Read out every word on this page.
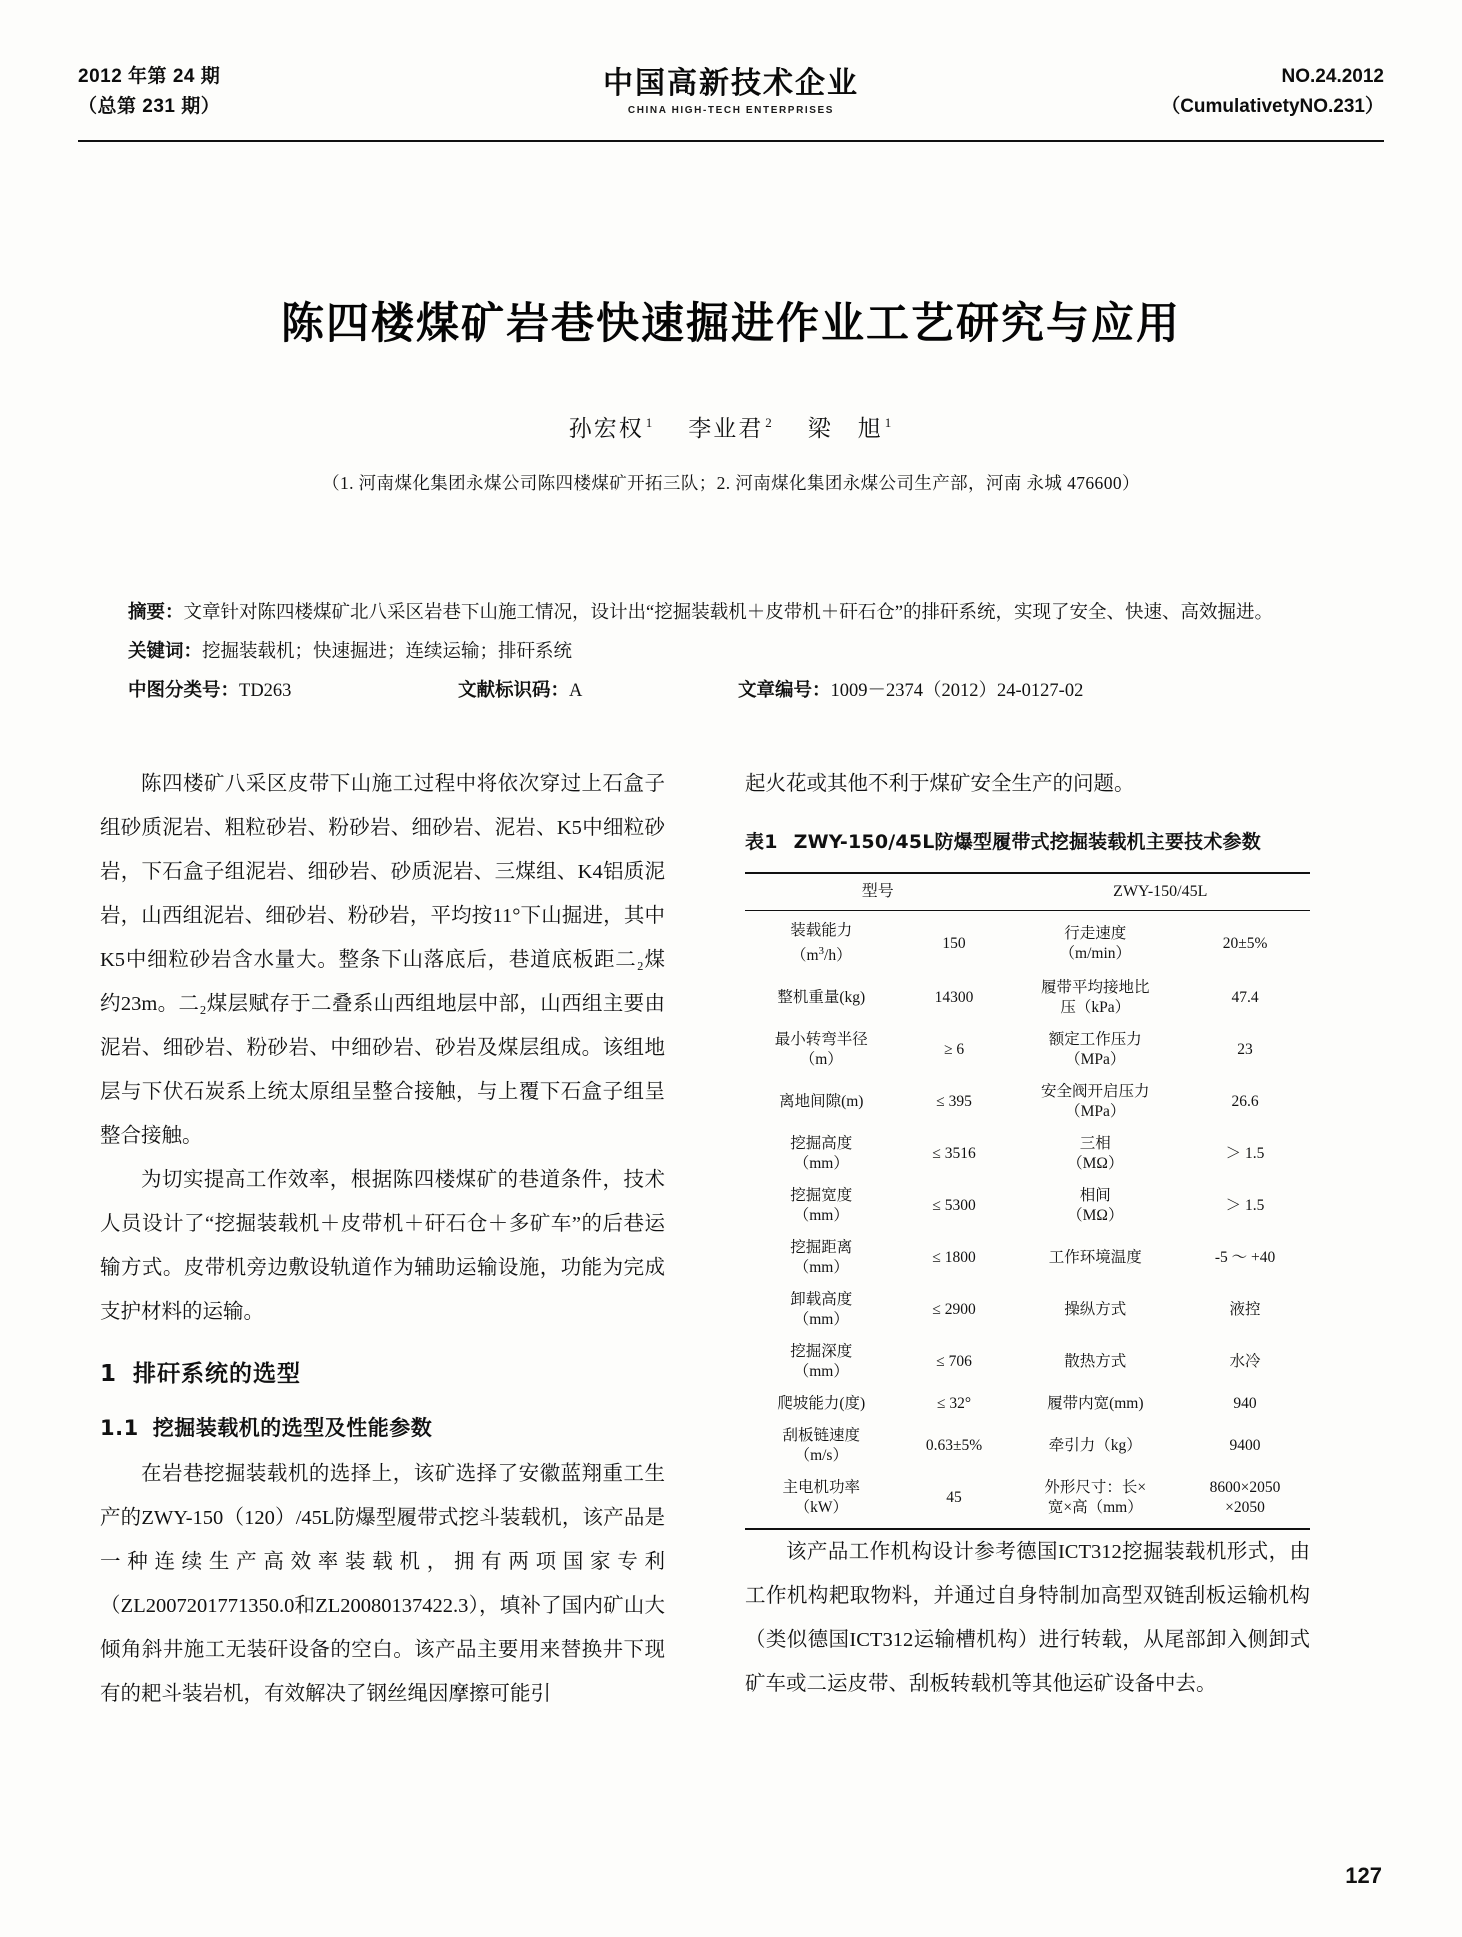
2012 年第 24 期
（总第 231 期）
中国高新技术企业
CHINA HIGH-TECH ENTERPRISES
NO.24.2012
（CumulativetyNO.231）
陈四楼煤矿岩巷快速掘进作业工艺研究与应用
孙宏权 $^1$ 李业君 $^2$ 梁　旭 $^1$
（1. 河南煤化集团永煤公司陈四楼煤矿开拓三队；2. 河南煤化集团永煤公司生产部，河南 永城 476600）
摘要：文章针对陈四楼煤矿北八采区岩巷下山施工情况，设计出“挖掘装载机＋皮带机＋矸石仓”的排矸系统，实现了安全、快速、高效掘进。
关键词：挖掘装载机；快速掘进；连续运输；排矸系统
中图分类号：TD263	文献标识码：A	文章编号：1009－2374（2012）24-0127-02

陈四楼矿八采区皮带下山施工过程中将依次穿过上石盒子组砂质泥岩、粗粒砂岩、粉砂岩、细砂岩、泥岩、K5中细粒砂岩，下石盒子组泥岩、细砂岩、砂质泥岩、三煤组、K4铝质泥岩，山西组泥岩、细砂岩、粉砂岩，平均按11°下山掘进，其中K5中细粒砂岩含水量大。整条下山落底后，巷道底板距二₂煤约23m。二₂煤层赋存于二叠系山西组地层中部，山西组主要由泥岩、细砂岩、粉砂岩、中细砂岩、砂岩及煤层组成。该组地层与下伏石炭系上统太原组呈整合接触，与上覆下石盒子组呈整合接触。

为切实提高工作效率，根据陈四楼煤矿的巷道条件，技术人员设计了“挖掘装载机＋皮带机＋矸石仓＋多矿车”的后巷运输方式。皮带机旁边敷设轨道作为辅助运输设施，功能为完成支护材料的运输。

1 排矸系统的选型
1.1 挖掘装载机的选型及性能参数

在岩巷挖掘装载机的选择上，该矿选择了安徽蓝翔重工生产的ZWY-150（120）/45L防爆型履带式挖斗装载机，该产品是一种连续生产高效率装载机，拥有两项国家专利（ZL2007201771350.0和ZL20080137422.3），填补了国内矿山大倾角斜井施工无装矸设备的空白。该产品主要用来替换井下现有的耙斗装岩机，有效解决了钢丝绳因摩擦可能引

起火花或其他不利于煤矿安全生产的问题。

表1 ZWY-150/45L防爆型履带式挖掘装载机主要技术参数
型号		ZWY-150/45L	
装载能力
$(m^3/h)$	150	行走速度
（m/min）	20±5%
整机重量(kg)	14300	履带平均接地比
压（kPa）	47.4
最小转弯半径
（m）	≥ 6	额定工作压力
（MPa）	23
离地间隙(m)	≤ 395	安全阀开启压力
（MPa）	26.6
挖掘高度
（mm）	≤ 3516	三相
（MΩ）	＞ 1.5
挖掘宽度
（mm）	≤ 5300	相间
（MΩ）	＞ 1.5
挖掘距离
（mm）	≤ 1800	工作环境温度	-5 ～ +40
卸载高度
（mm）	≤ 2900	操纵方式	液控
挖掘深度
（mm）	≤ 706	散热方式	水冷
爬坡能力(度)	≤ 32°	履带内宽(mm)	940
刮板链速度
（m/s）	0.63±5%	牵引力（kg）	9400
主电机功率
（kW）	45	外形尺寸：长×
宽×高（mm）	8600×2050
×2050

该产品工作机构设计参考德国ICT312挖掘装载机形式，由工作机构耙取物料，并通过自身特制加高型双链刮板运输机构（类似德国ICT312运输槽机构）进行转载，从尾部卸入侧卸式矿车或二运皮带、刮板转载机等其他运矿设备中去。

127
